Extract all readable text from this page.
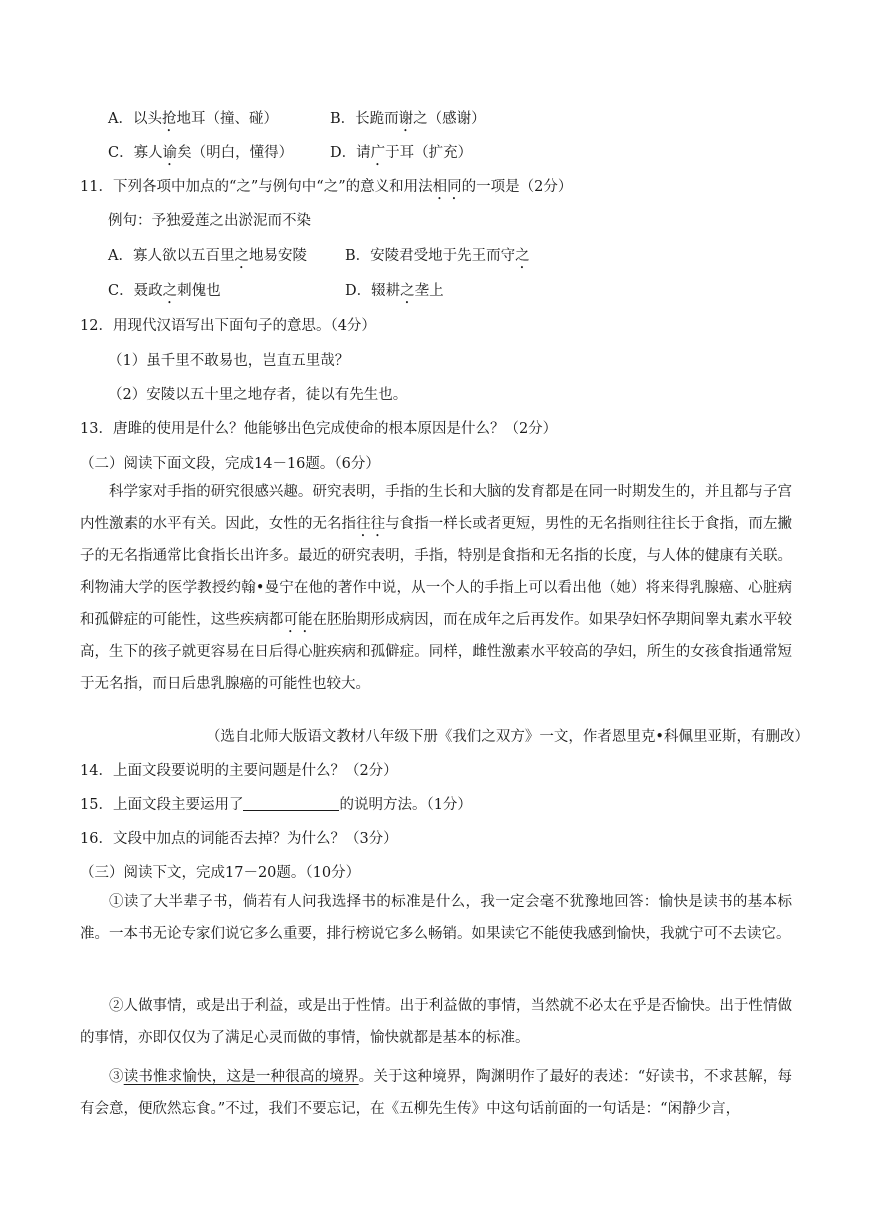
A．以头抢地耳（撞、碰）	B．长跪而谢之（感谢）
C．寡人谕矣（明白，懂得）	D．请广于耳（扩充）
11．下列各项中加点的“之”与例句中“之”的意义和用法相同的一项是（2分）
例句：予独爱莲之出淤泥而不染
A．寡人欲以五百里之地易安陵	B．安陵君受地于先王而守之
C．聂政之刺傀也	D．辍耕之垄上
12．用现代汉语写出下面句子的意思。（4分）
（1）虽千里不敢易也，岂直五里哉？
（2）安陵以五十里之地存者，徒以有先生也。
13．唐雎的使用是什么？他能够出色完成使命的根本原因是什么？（2分）
（二）阅读下面文段，完成14－16题。（6分）
科学家对手指的研究很感兴趣。研究表明，手指的生长和大脑的发育都是在同一时期发生的，并且都与子宫内性激素的水平有关。因此，女性的无名指往往与食指一样长或者更短，男性的无名指则往往长于食指，而左撇子的无名指通常比食指长出许多。最近的研究表明，手指，特别是食指和无名指的长度，与人体的健康有关联。利物浦大学的医学教授约翰•曼宁在他的著作中说，从一个人的手指上可以看出他（她）将来得乳腺癌、心脏病和孤僻症的可能性，这些疾病都可能在胚胎期形成病因，而在成年之后再发作。如果孕妇怀孕期间睾丸素水平较高，生下的孩子就更容易在日后得心脏疾病和孤僻症。同样，雌性激素水平较高的孕妇，所生的女孩食指通常短于无名指，而日后患乳腺癌的可能性也较大。
（选自北师大版语文教材八年级下册《我们之双方》一文，作者恩里克•科佩里亚斯，有删改）
14．上面文段要说明的主要问题是什么？（2分）
15．上面文段主要运用了	的说明方法。（1分）
16．文段中加点的词能否去掉？为什么？（3分）
（三）阅读下文，完成17－20题。（10分）
①读了大半辈子书，倘若有人问我选择书的标准是什么，我一定会毫不犹豫地回答：愉快是读书的基本标准。一本书无论专家们说它多么重要，排行榜说它多么畅销。如果读它不能使我感到愉快，我就宁可不去读它。
②人做事情，或是出于利益，或是出于性情。出于利益做的事情，当然就不必太在乎是否愉快。出于性情做的事情，亦即仅仅为了满足心灵而做的事情，愉快就都是基本的标准。
③读书惟求愉快，这是一种很高的境界。关于这种境界，陶渊明作了最好的表述：“好读书，不求甚解，每有会意，便欣然忘食。”不过，我们不要忘记，在《五柳先生传》中这句话前面的一句话是：“闲静少言，
